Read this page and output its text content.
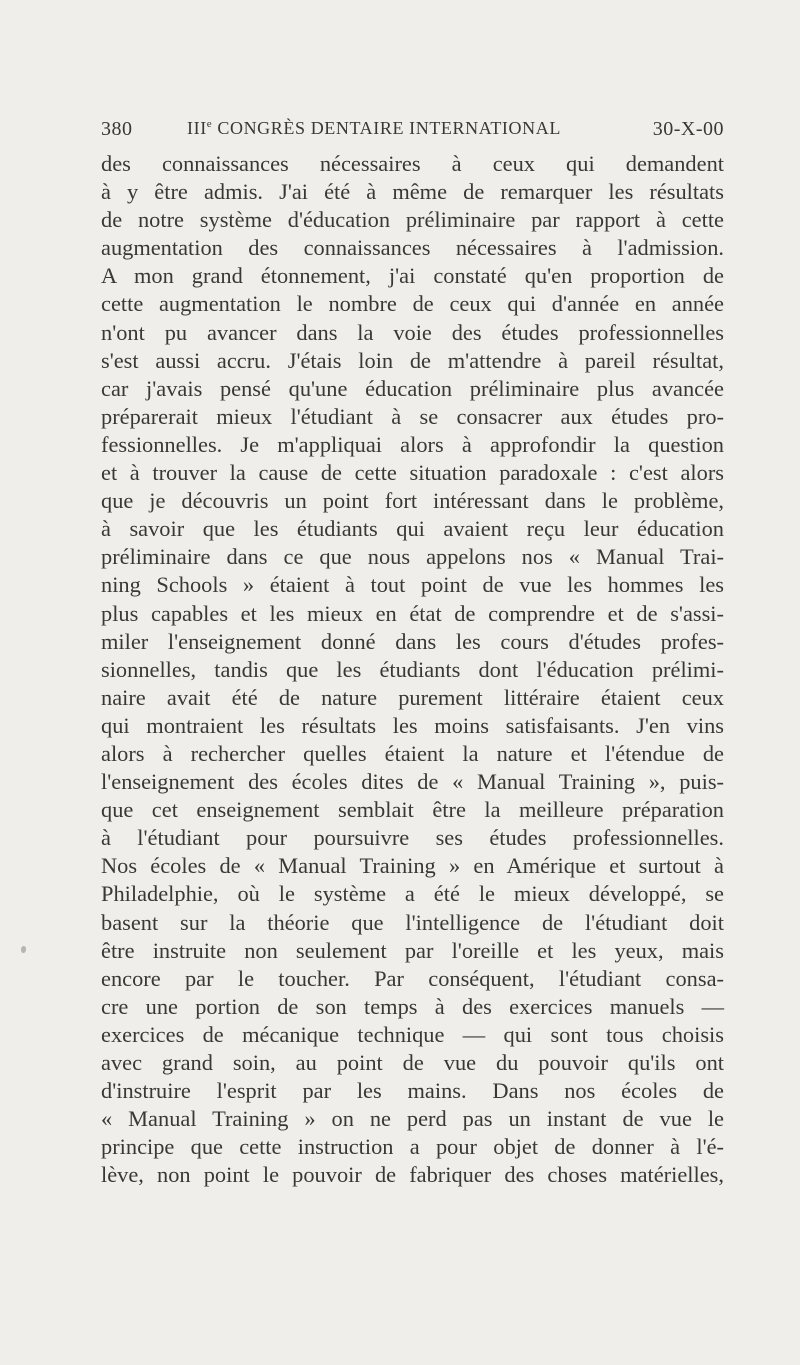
380	IIIe CONGRÈS DENTAIRE INTERNATIONAL	30-X-00
des connaissances nécessaires à ceux qui demandent
à y être admis. J'ai été à même de remarquer les résultats
de notre système d'éducation préliminaire par rapport à cette
augmentation des connaissances nécessaires à l'admission.
A mon grand étonnement, j'ai constaté qu'en proportion de
cette augmentation le nombre de ceux qui d'année en année
n'ont pu avancer dans la voie des études professionnelles
s'est aussi accru. J'étais loin de m'attendre à pareil résultat,
car j'avais pensé qu'une éducation préliminaire plus avancée
préparerait mieux l'étudiant à se consacrer aux études pro-
fessionnelles. Je m'appliquai alors à approfondir la question
et à trouver la cause de cette situation paradoxale : c'est alors
que je découvris un point fort intéressant dans le problème,
à savoir que les étudiants qui avaient reçu leur éducation
préliminaire dans ce que nous appelons nos « Manual Trai-
ning Schools » étaient à tout point de vue les hommes les
plus capables et les mieux en état de comprendre et de s'assi-
miler l'enseignement donné dans les cours d'études profes-
sionnelles, tandis que les étudiants dont l'éducation prélimi-
naire avait été de nature purement littéraire étaient ceux
qui montraient les résultats les moins satisfaisants. J'en vins
alors à rechercher quelles étaient la nature et l'étendue de
l'enseignement des écoles dites de « Manual Training », puis-
que cet enseignement semblait être la meilleure préparation
à l'étudiant pour poursuivre ses études professionnelles.
Nos écoles de « Manual Training » en Amérique et surtout à
Philadelphie, où le système a été le mieux développé, se
basent sur la théorie que l'intelligence de l'étudiant doit
être instruite non seulement par l'oreille et les yeux, mais
encore par le toucher. Par conséquent, l'étudiant consa-
cre une portion de son temps à des exercices manuels —
exercices de mécanique technique — qui sont tous choisis
avec grand soin, au point de vue du pouvoir qu'ils ont
d'instruire l'esprit par les mains. Dans nos écoles de
« Manual Training » on ne perd pas un instant de vue le
principe que cette instruction a pour objet de donner à l'é-
lève, non point le pouvoir de fabriquer des choses matérielles,
